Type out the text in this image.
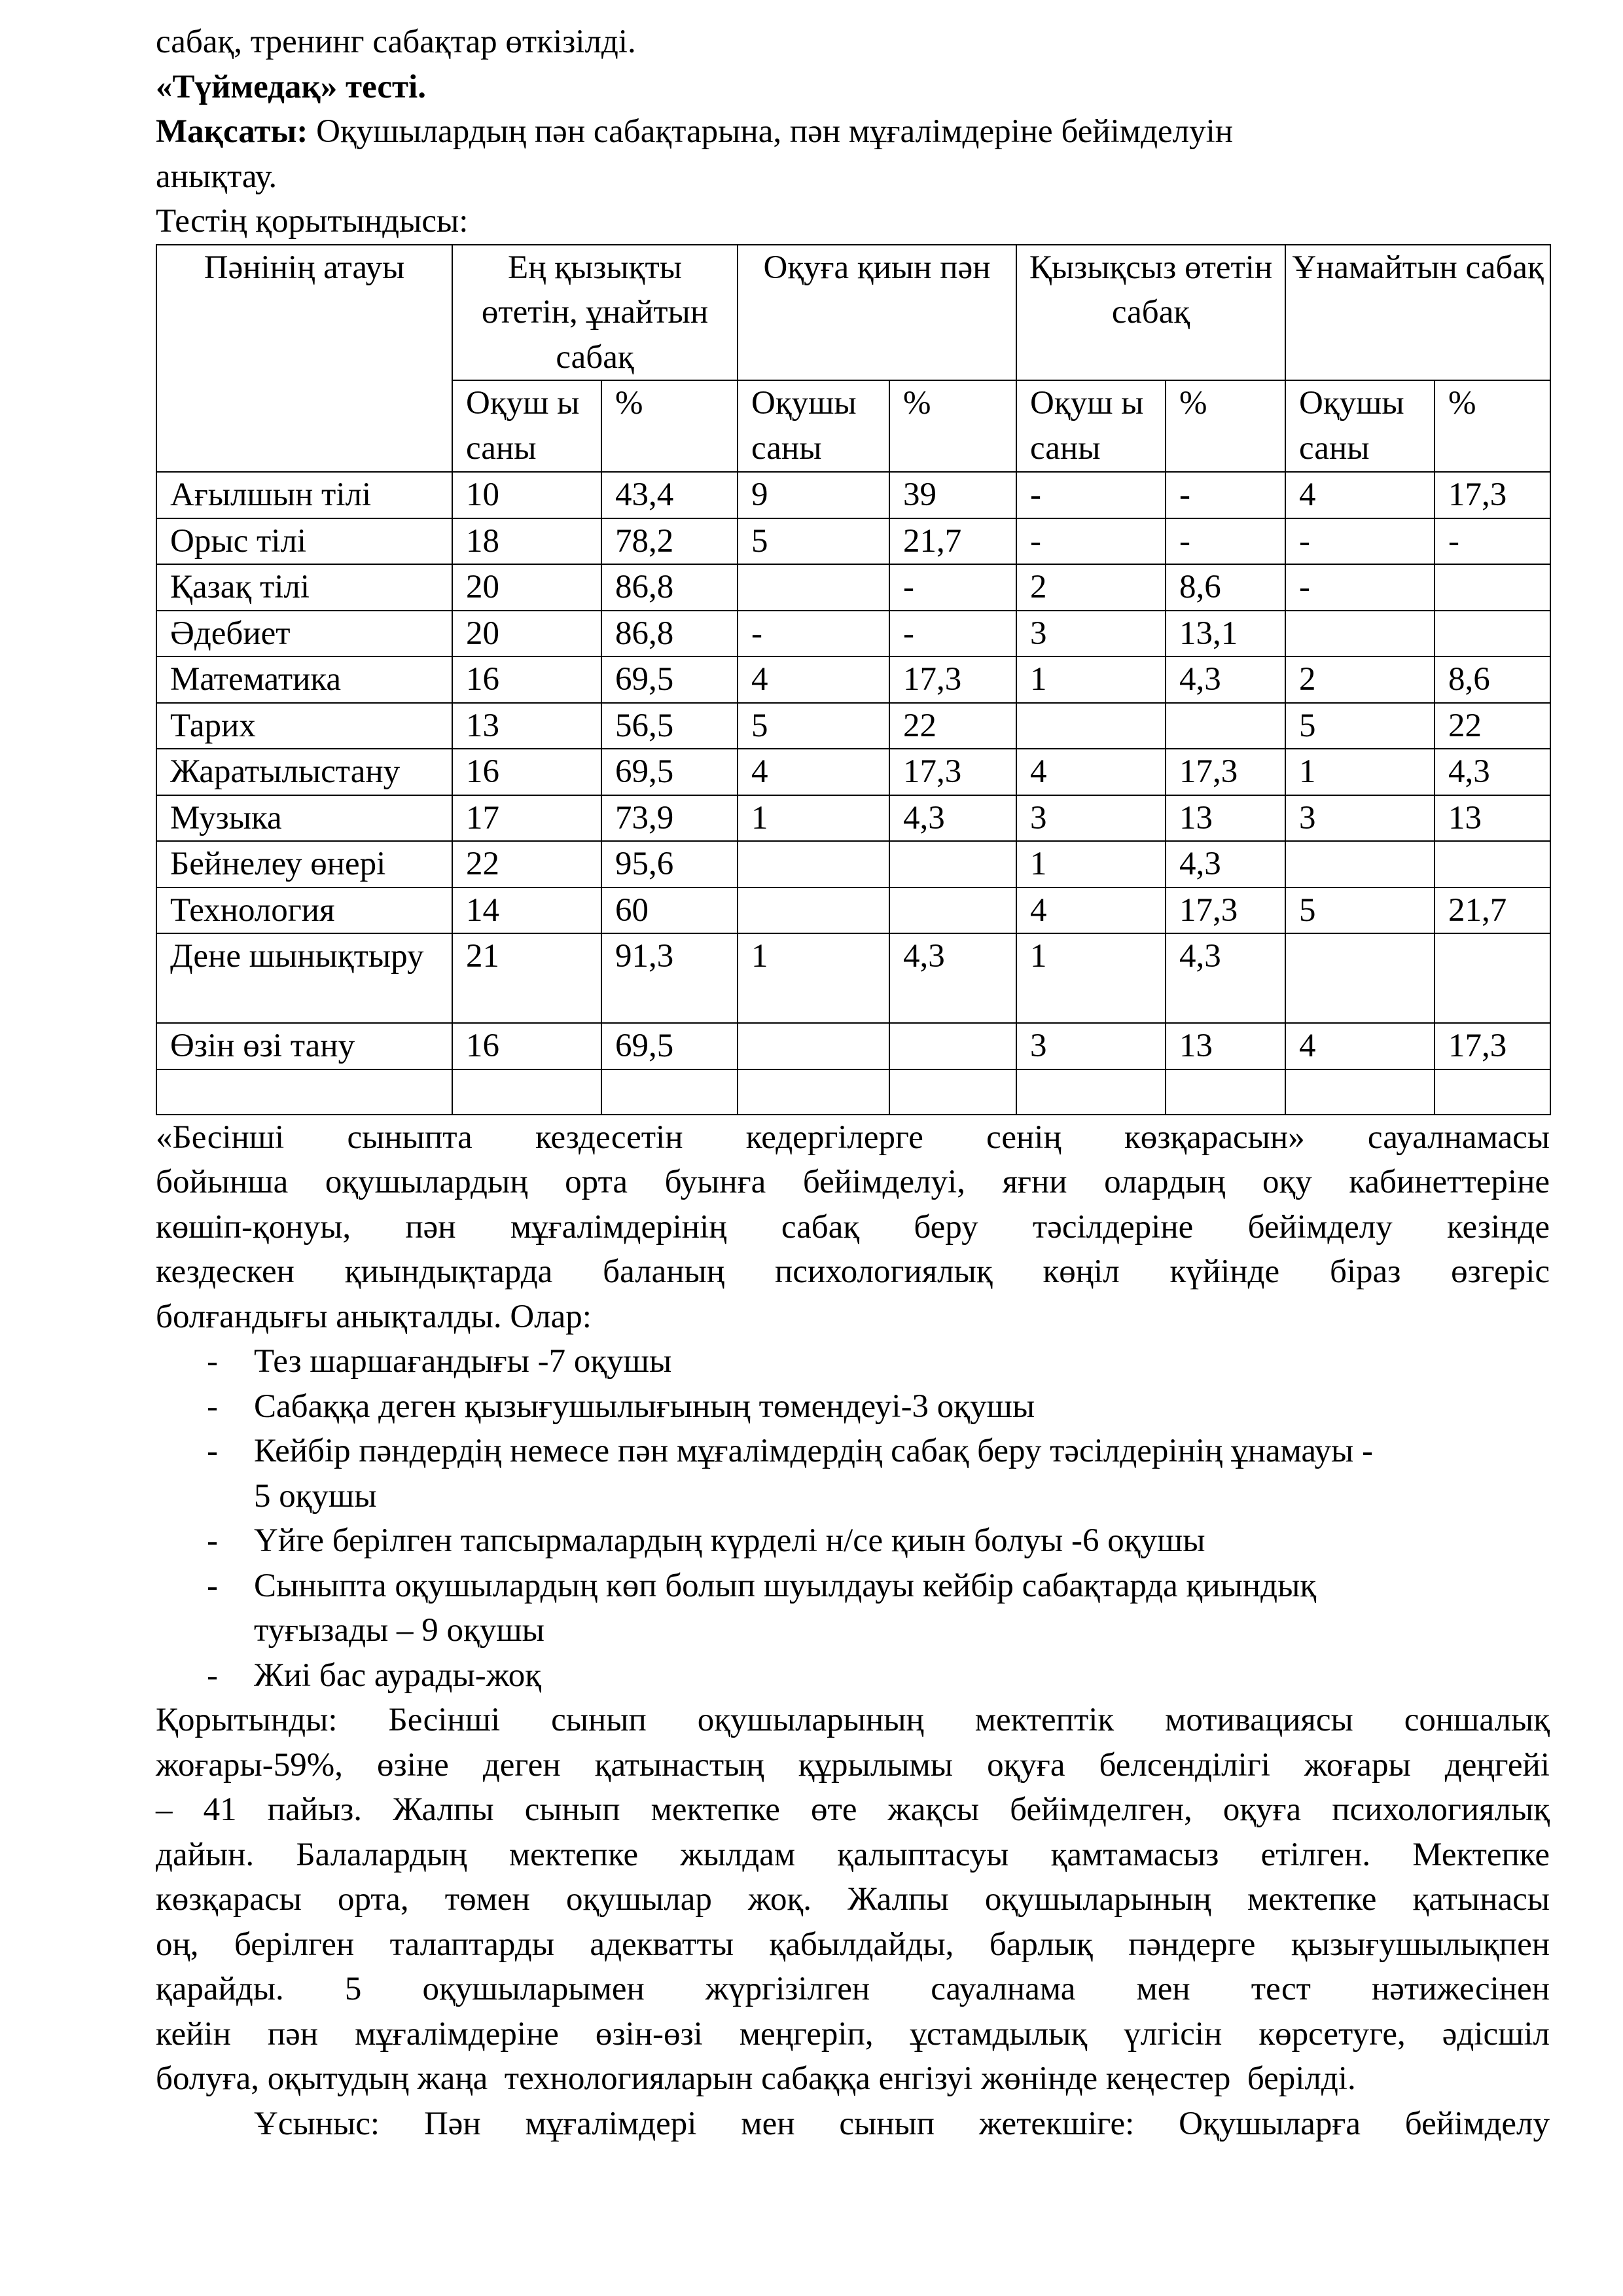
сабақ, тренинг сабақтар өткізілді.
«Түймедақ» тесті.
Мақсаты: Оқушылардың пән сабақтарына, пән мұғалімдеріне бейімделуін
анықтау.
Тестің қорытындысы:
Пәнінің атауы	Ең қызықты өтетін, ұнайтын сабақ		Оқуға қиын пән		Қызықсыз өтетін сабақ		Ұнамайтын сабақ	
	Оқуш ы саны	%	Оқушы саны	%	Оқуш ы саны	%	Оқушы саны	%
Ағылшын тілі	10	43,4	9	39	-	-	4	17,3
Орыс тілі	18	78,2	5	21,7	-	-	-	-
Қазақ тілі	20	86,8		-	2	8,6	-	
Әдебиет	20	86,8	-	-	3	13,1		
Математика	16	69,5	4	17,3	1	4,3	2	8,6
Тарих	13	56,5	5	22			5	22
Жаратылыстану	16	69,5	4	17,3	4	17,3	1	4,3
Музыка	17	73,9	1	4,3	3	13	3	13
Бейнелеу өнері	22	95,6			1	4,3		
Технология	14	60			4	17,3	5	21,7
Дене шынықтыру	21	91,3	1	4,3	1	4,3		
Өзін өзі тану	16	69,5			3	13	4	17,3

«Бесінші сыныпта кездесетін кедергілерге сенің көзқарасын» сауалнамасы
бойынша оқушылардың орта буынға бейімделуі, яғни олардың оқу кабинеттеріне
көшіп-қонуы, пән мұғалімдерінің сабақ беру тәсілдеріне бейімделу кезінде
кездескен қиындықтарда баланың психологиялық көңіл күйінде біраз өзгеріс
болғандығы анықталды. Олар:
- Тез шаршағандығы -7 оқушы
- Сабаққа деген қызығушылығының төмендеуі-3 оқушы
- Кейбір пәндердің немесе пән мұғалімдердің сабақ беру тәсілдерінің ұнамауы -
5 оқушы
- Үйге берілген тапсырмалардың күрделі н/се қиын болуы -6 оқушы
- Сыныпта оқушылардың көп болып шуылдауы кейбір сабақтарда қиындық
туғызады – 9 оқушы
- Жиі бас аурады-жоқ
Қорытынды: Бесінші сынып оқушыларының мектептік мотивациясы соншалық
жоғары-59%, өзіне деген қатынастың құрылымы оқуға белсенділігі жоғары деңгейі
– 41 пайыз. Жалпы сынып мектепке өте жақсы бейімделген, оқуға психологиялық
дайын. Балалардың мектепке жылдам қалыптасуы қамтамасыз етілген. Мектепке
көзқарасы орта, төмен оқушылар жоқ. Жалпы оқушыларының мектепке қатынасы
оң, берілген талаптарды адекватты қабылдайды, барлық пәндерге қызығушылықпен
қарайды. 5 оқушыларымен жүргізілген сауалнама мен тест нәтижесінен
кейін пән мұғалімдеріне өзін-өзі меңгеріп, ұстамдылық үлгісін көрсетуге, әдісшіл
болуға, оқытудың жаңа  технологияларын сабаққа енгізуі жөнінде кеңестер  берілді.
Ұсыныс: Пән мұғалімдері мен сынып жетекшіге: Оқушыларға бейімделу
